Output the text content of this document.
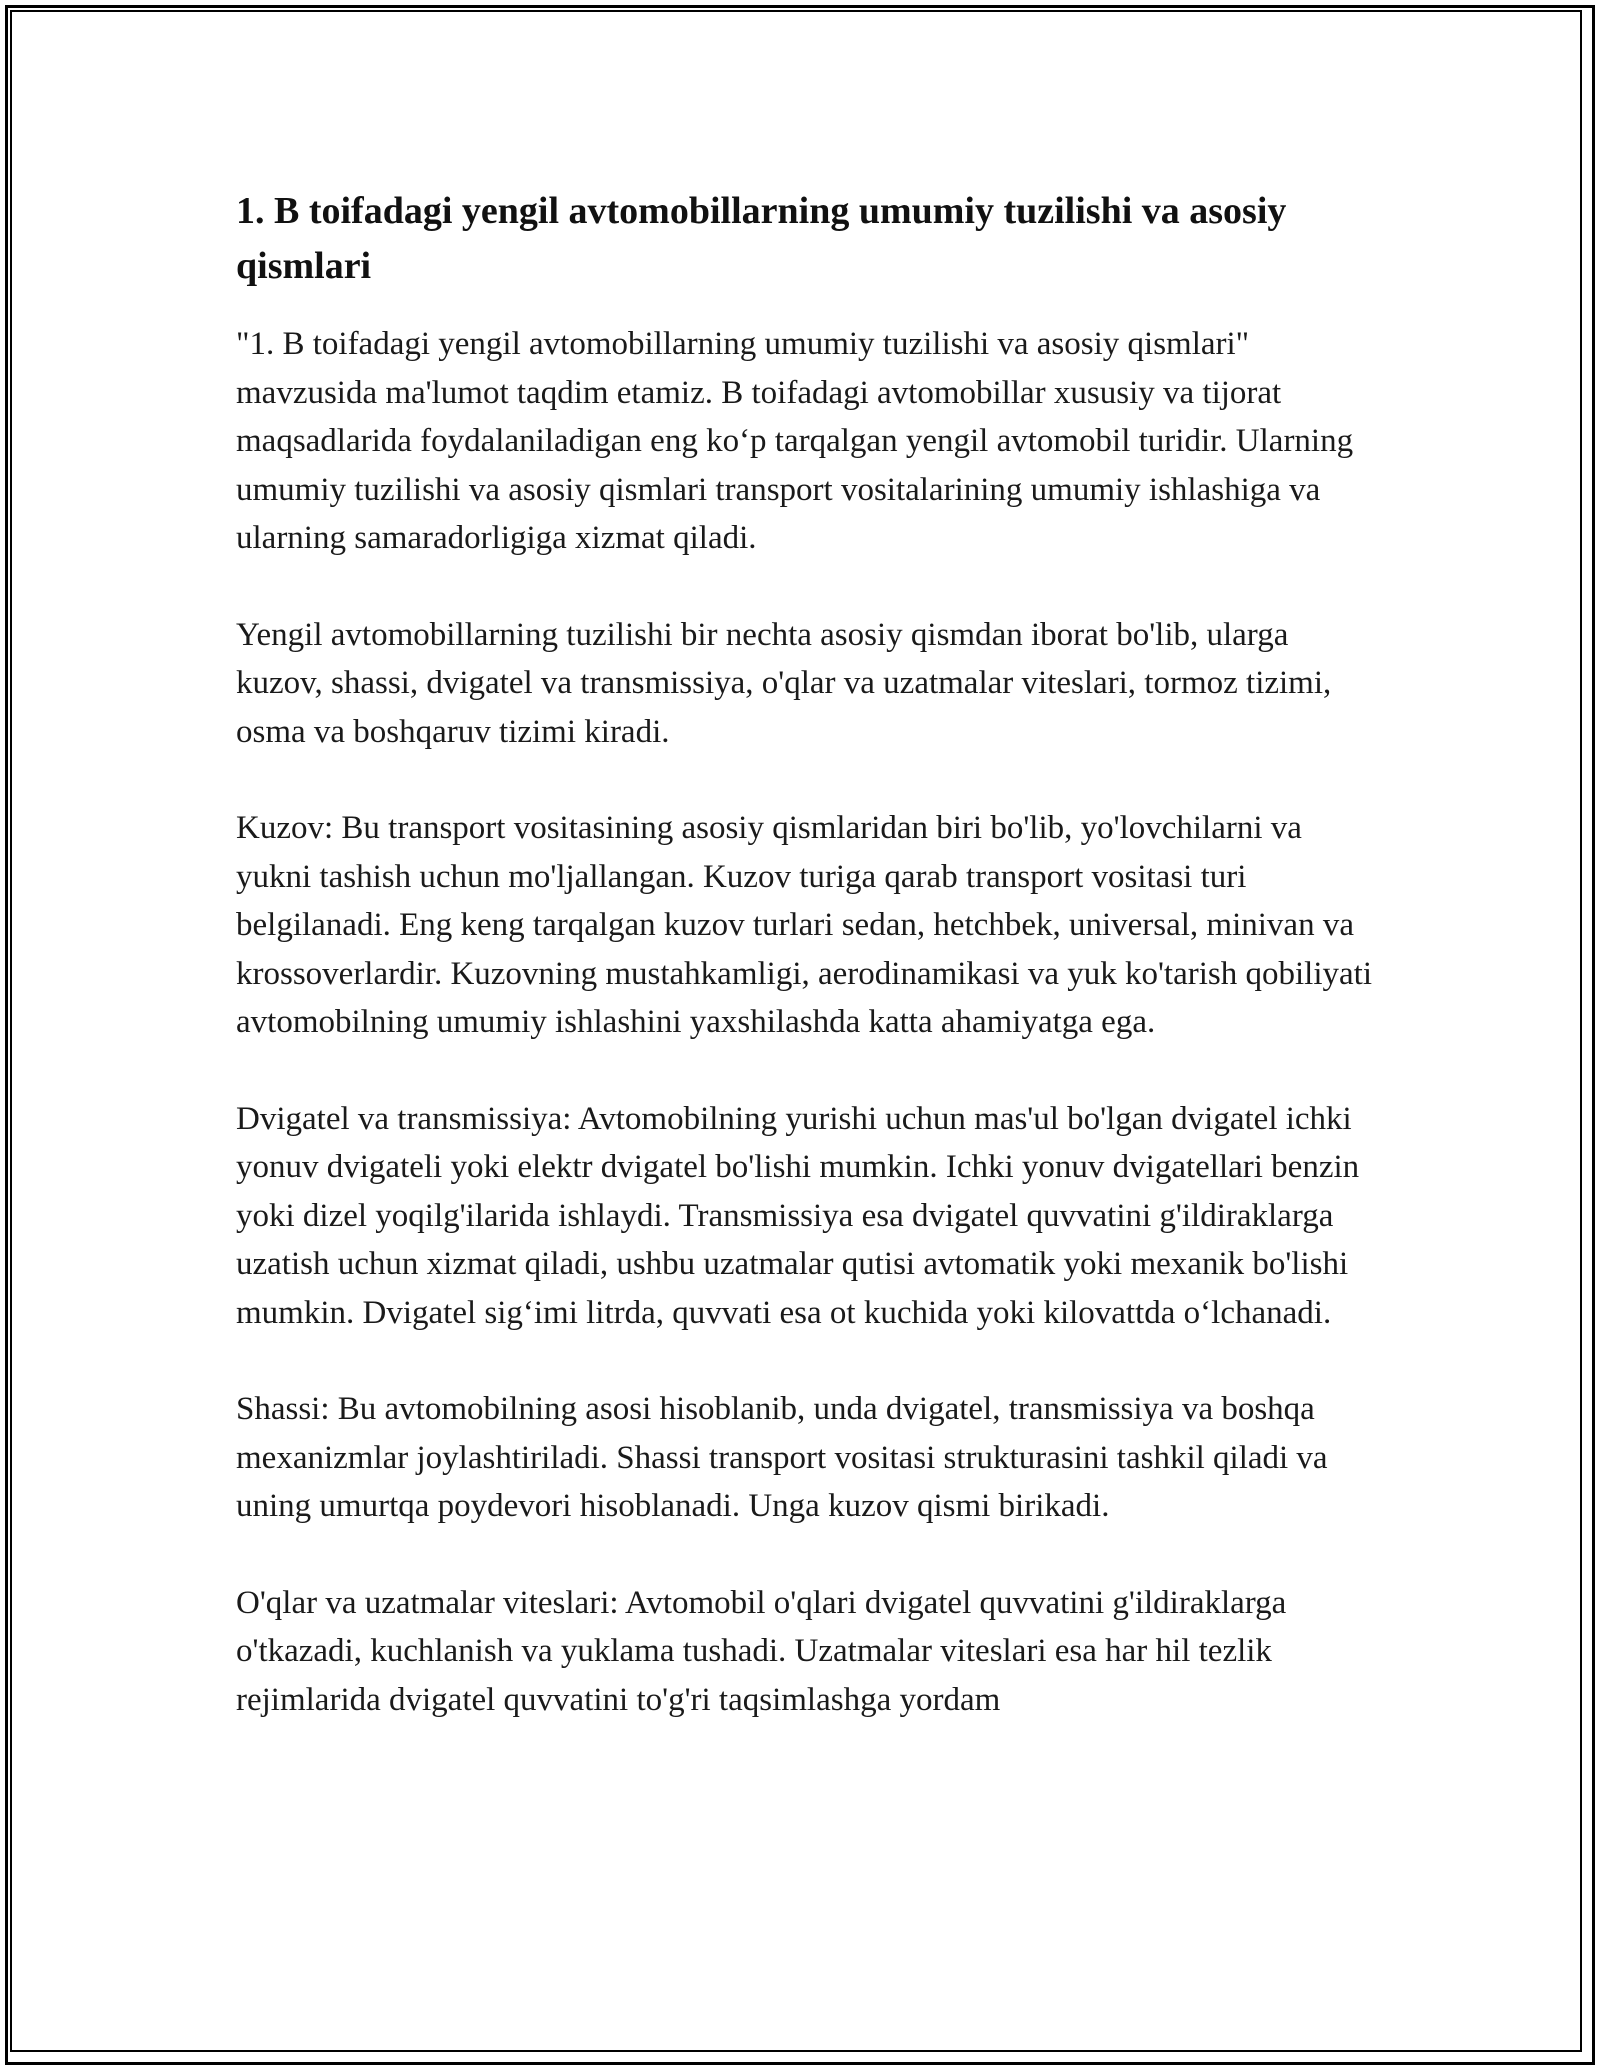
1. B toifadagi yengil avtomobillarning umumiy tuzilishi va asosiy qismlari

"1. B toifadagi yengil avtomobillarning umumiy tuzilishi va asosiy qismlari" mavzusida ma'lumot taqdim etamiz. B toifadagi avtomobillar xususiy va tijorat maqsadlarida foydalaniladigan eng koʻp tarqalgan yengil avtomobil turidir. Ularning umumiy tuzilishi va asosiy qismlari transport vositalarining umumiy ishlashiga va ularning samaradorligiga xizmat qiladi.

Yengil avtomobillarning tuzilishi bir nechta asosiy qismdan iborat bo'lib, ularga kuzov, shassi, dvigatel va transmissiya, o'qlar va uzatmalar viteslari, tormoz tizimi, osma va boshqaruv tizimi kiradi.

Kuzov: Bu transport vositasining asosiy qismlaridan biri bo'lib, yo'lovchilarni va yukni tashish uchun mo'ljallangan. Kuzov turiga qarab transport vositasi turi belgilanadi. Eng keng tarqalgan kuzov turlari sedan, hetchbek, universal, minivan va krossoverlardir. Kuzovning mustahkamligi, aerodinamikasi va yuk ko'tarish qobiliyati avtomobilning umumiy ishlashini yaxshilashda katta ahamiyatga ega.

Dvigatel va transmissiya: Avtomobilning yurishi uchun mas'ul bo'lgan dvigatel ichki yonuv dvigateli yoki elektr dvigatel bo'lishi mumkin. Ichki yonuv dvigatellari benzin yoki dizel yoqilg'ilarida ishlaydi. Transmissiya esa dvigatel quvvatini g'ildiraklarga uzatish uchun xizmat qiladi, ushbu uzatmalar qutisi avtomatik yoki mexanik bo'lishi mumkin. Dvigatel sigʻimi litrda, quvvati esa ot kuchida yoki kilovattda oʻlchanadi.

Shassi: Bu avtomobilning asosi hisoblanib, unda dvigatel, transmissiya va boshqa mexanizmlar joylashtiriladi. Shassi transport vositasi strukturasini tashkil qiladi va uning umurtqa poydevori hisoblanadi. Unga kuzov qismi birikadi.

O'qlar va uzatmalar viteslari: Avtomobil o'qlari dvigatel quvvatini g'ildiraklarga o'tkazadi, kuchlanish va yuklama tushadi. Uzatmalar viteslari esa har hil tezlik rejimlarida dvigatel quvvatini to'g'ri taqsimlashga yordam
